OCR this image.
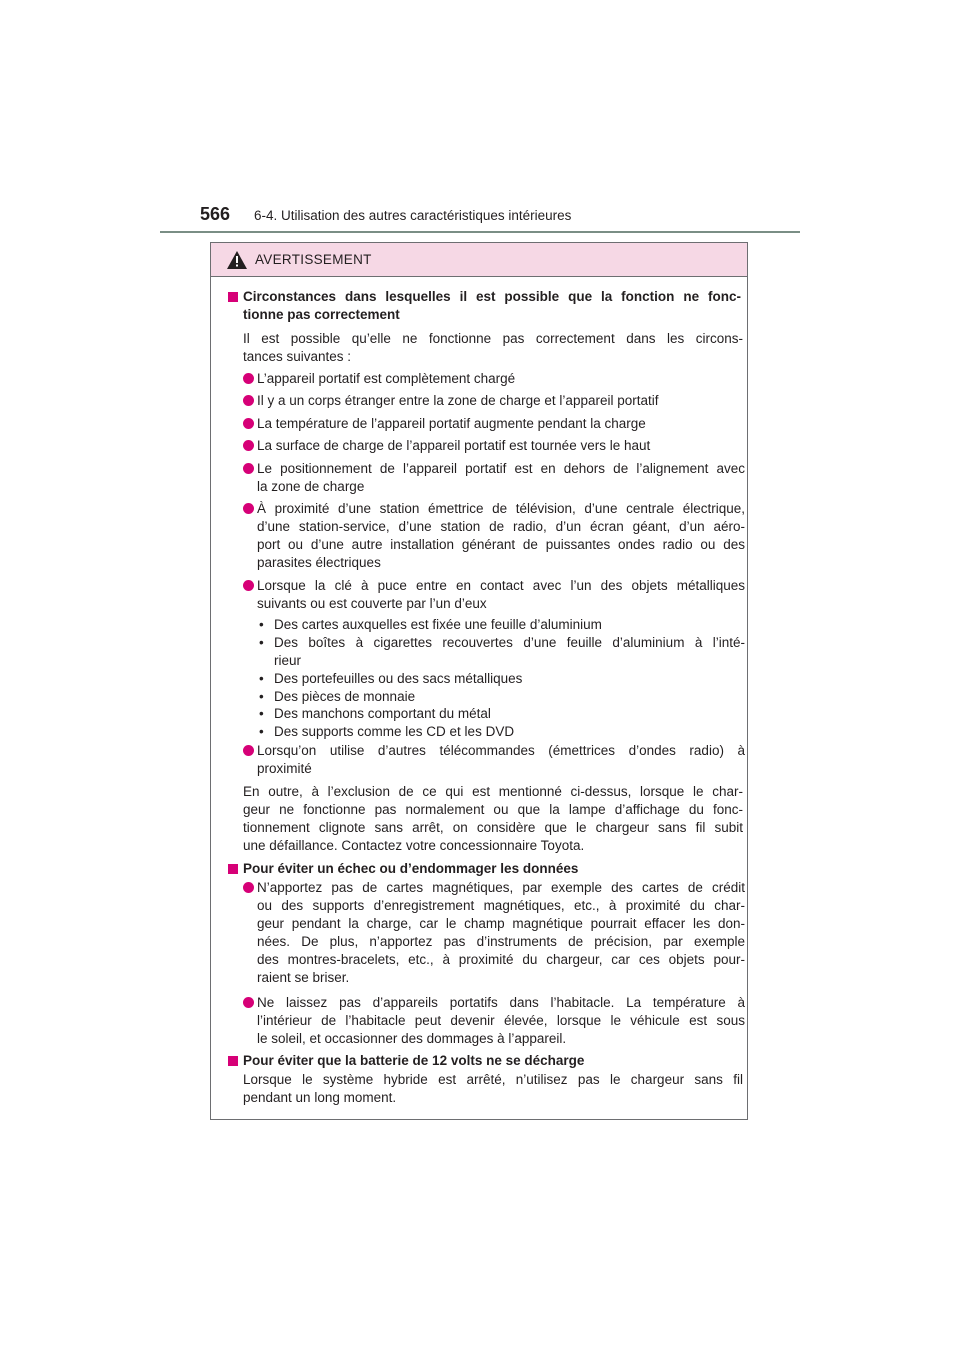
566 6-4. Utilisation des autres caractéristiques intérieures
AVERTISSEMENT
Circonstances dans lesquelles il est possible que la fonction ne fonc-
tionne pas correctement
Il est possible qu’elle ne fonctionne pas correctement dans les circons-
tances suivantes :
L’appareil portatif est complètement chargé
Il y a un corps étranger entre la zone de charge et l’appareil portatif
La température de l’appareil portatif augmente pendant la charge
La surface de charge de l’appareil portatif est tournée vers le haut
Le positionnement de l’appareil portatif est en dehors de l’alignement avec
la zone de charge
À proximité d’une station émettrice de télévision, d’une centrale électrique,
d’une station-service, d’une station de radio, d’un écran géant, d’un aéro-
port ou d’une autre installation générant de puissantes ondes radio ou des
parasites électriques
Lorsque la clé à puce entre en contact avec l’un des objets métalliques
suivants ou est couverte par l’un d’eux
• Des cartes auxquelles est fixée une feuille d’aluminium
• Des boîtes à cigarettes recouvertes d’une feuille d’aluminium à l’inté-
rieur
• Des portefeuilles ou des sacs métalliques
• Des pièces de monnaie
• Des manchons comportant du métal
• Des supports comme les CD et les DVD
Lorsqu’on utilise d’autres télécommandes (émettrices d’ondes radio) à
proximité
En outre, à l’exclusion de ce qui est mentionné ci-dessus, lorsque le char-
geur ne fonctionne pas normalement ou que la lampe d’affichage du fonc-
tionnement clignote sans arrêt, on considère que le chargeur sans fil subit
une défaillance. Contactez votre concessionnaire Toyota.
Pour éviter un échec ou d’endommager les données
N’apportez pas de cartes magnétiques, par exemple des cartes de crédit
ou des supports d’enregistrement magnétiques, etc., à proximité du char-
geur pendant la charge, car le champ magnétique pourrait effacer les don-
nées. De plus, n’apportez pas d’instruments de précision, par exemple
des montres-bracelets, etc., à proximité du chargeur, car ces objets pour-
raient se briser.
Ne laissez pas d’appareils portatifs dans l’habitacle. La température à
l’intérieur de l’habitacle peut devenir élevée, lorsque le véhicule est sous
le soleil, et occasionner des dommages à l’appareil.
Pour éviter que la batterie de 12 volts ne se décharge
Lorsque le système hybride est arrêté, n’utilisez pas le chargeur sans fil
pendant un long moment.
